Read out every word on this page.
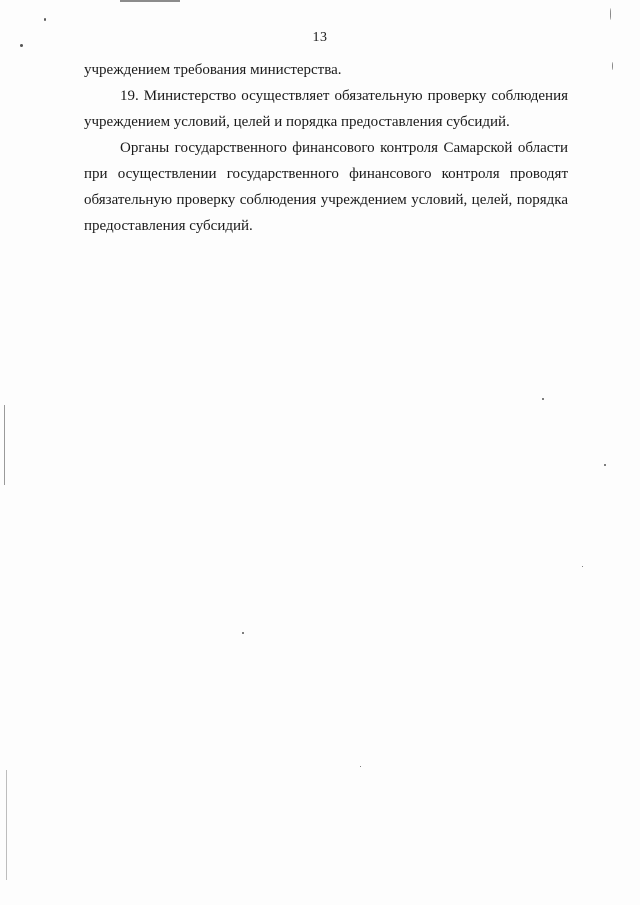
13

учреждением требования министерства.

19. Министерство осуществляет обязательную проверку соблюдения
учреждением условий, целей и порядка предоставления субсидий.

Органы государственного финансового контроля Самарской области
при осуществлении государственного финансового контроля проводят
обязательную проверку соблюдения учреждением условий, целей, порядка
предоставления субсидий.
